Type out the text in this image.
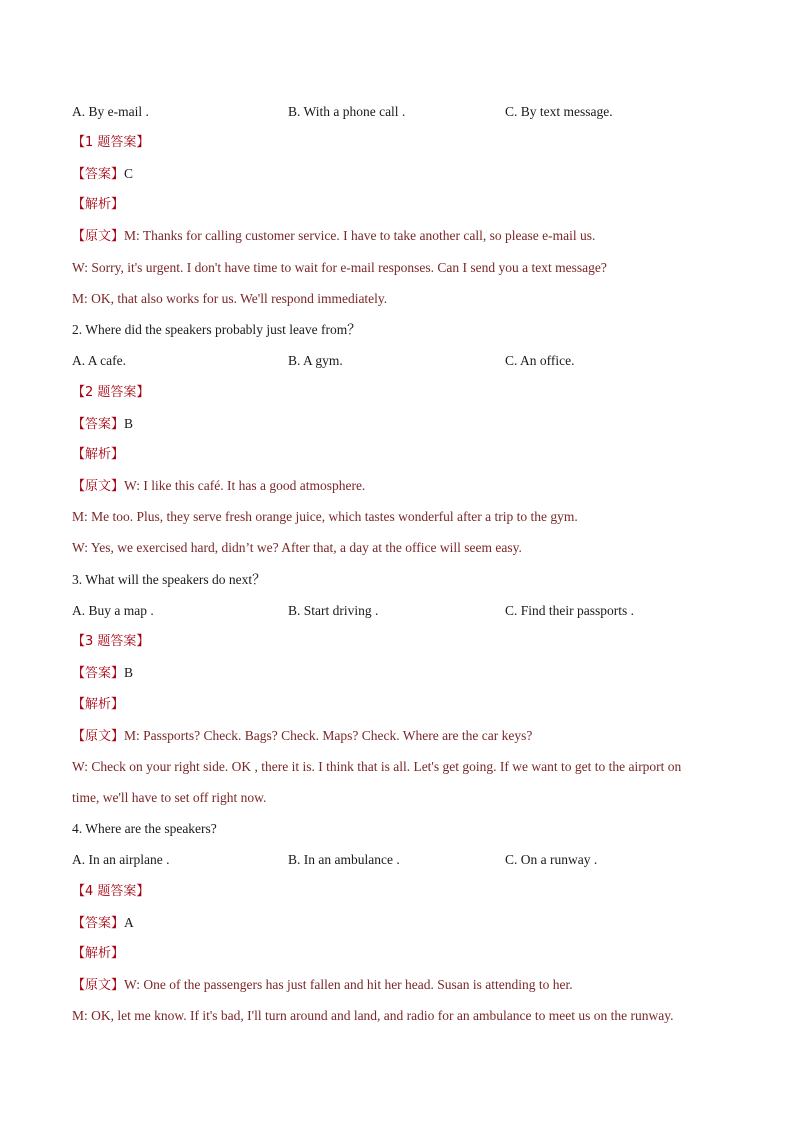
A. By e-mail .	B. With a phone call .	C. By text message.
【1 题答案】
【答案】C
【解析】
【原文】M: Thanks for calling customer service. I have to take another call, so please e-mail us.
W: Sorry, it's urgent. I don't have time to wait for e-mail responses. Can I send you a text message?
M: OK, that also works for us. We'll respond immediately.
2. Where did the speakers probably just leave from？
A. A cafe.	B. A gym.	C. An office.
【2 题答案】
【答案】B
【解析】
【原文】W: I like this café. It has a good atmosphere.
M: Me too. Plus, they serve fresh orange juice, which tastes wonderful after a trip to the gym.
W: Yes, we exercised hard, didn’t we? After that, a day at the office will seem easy.
3. What will the speakers do next？
A. Buy a map .	B. Start driving .	C. Find their passports .
【3 题答案】
【答案】B
【解析】
【原文】M: Passports? Check. Bags? Check. Maps? Check. Where are the car keys?
W: Check on your right side. OK , there it is. I think that is all. Let's get going. If we want to get to the airport on
time, we'll have to set off right now.
4. Where are the speakers?
A. In an airplane .	B. In an ambulance .	C. On a runway .
【4 题答案】
【答案】A
【解析】
【原文】W: One of the passengers has just fallen and hit her head. Susan is attending to her.
M: OK, let me know. If it's bad, I'll turn around and land, and radio for an ambulance to meet us on the runway.
